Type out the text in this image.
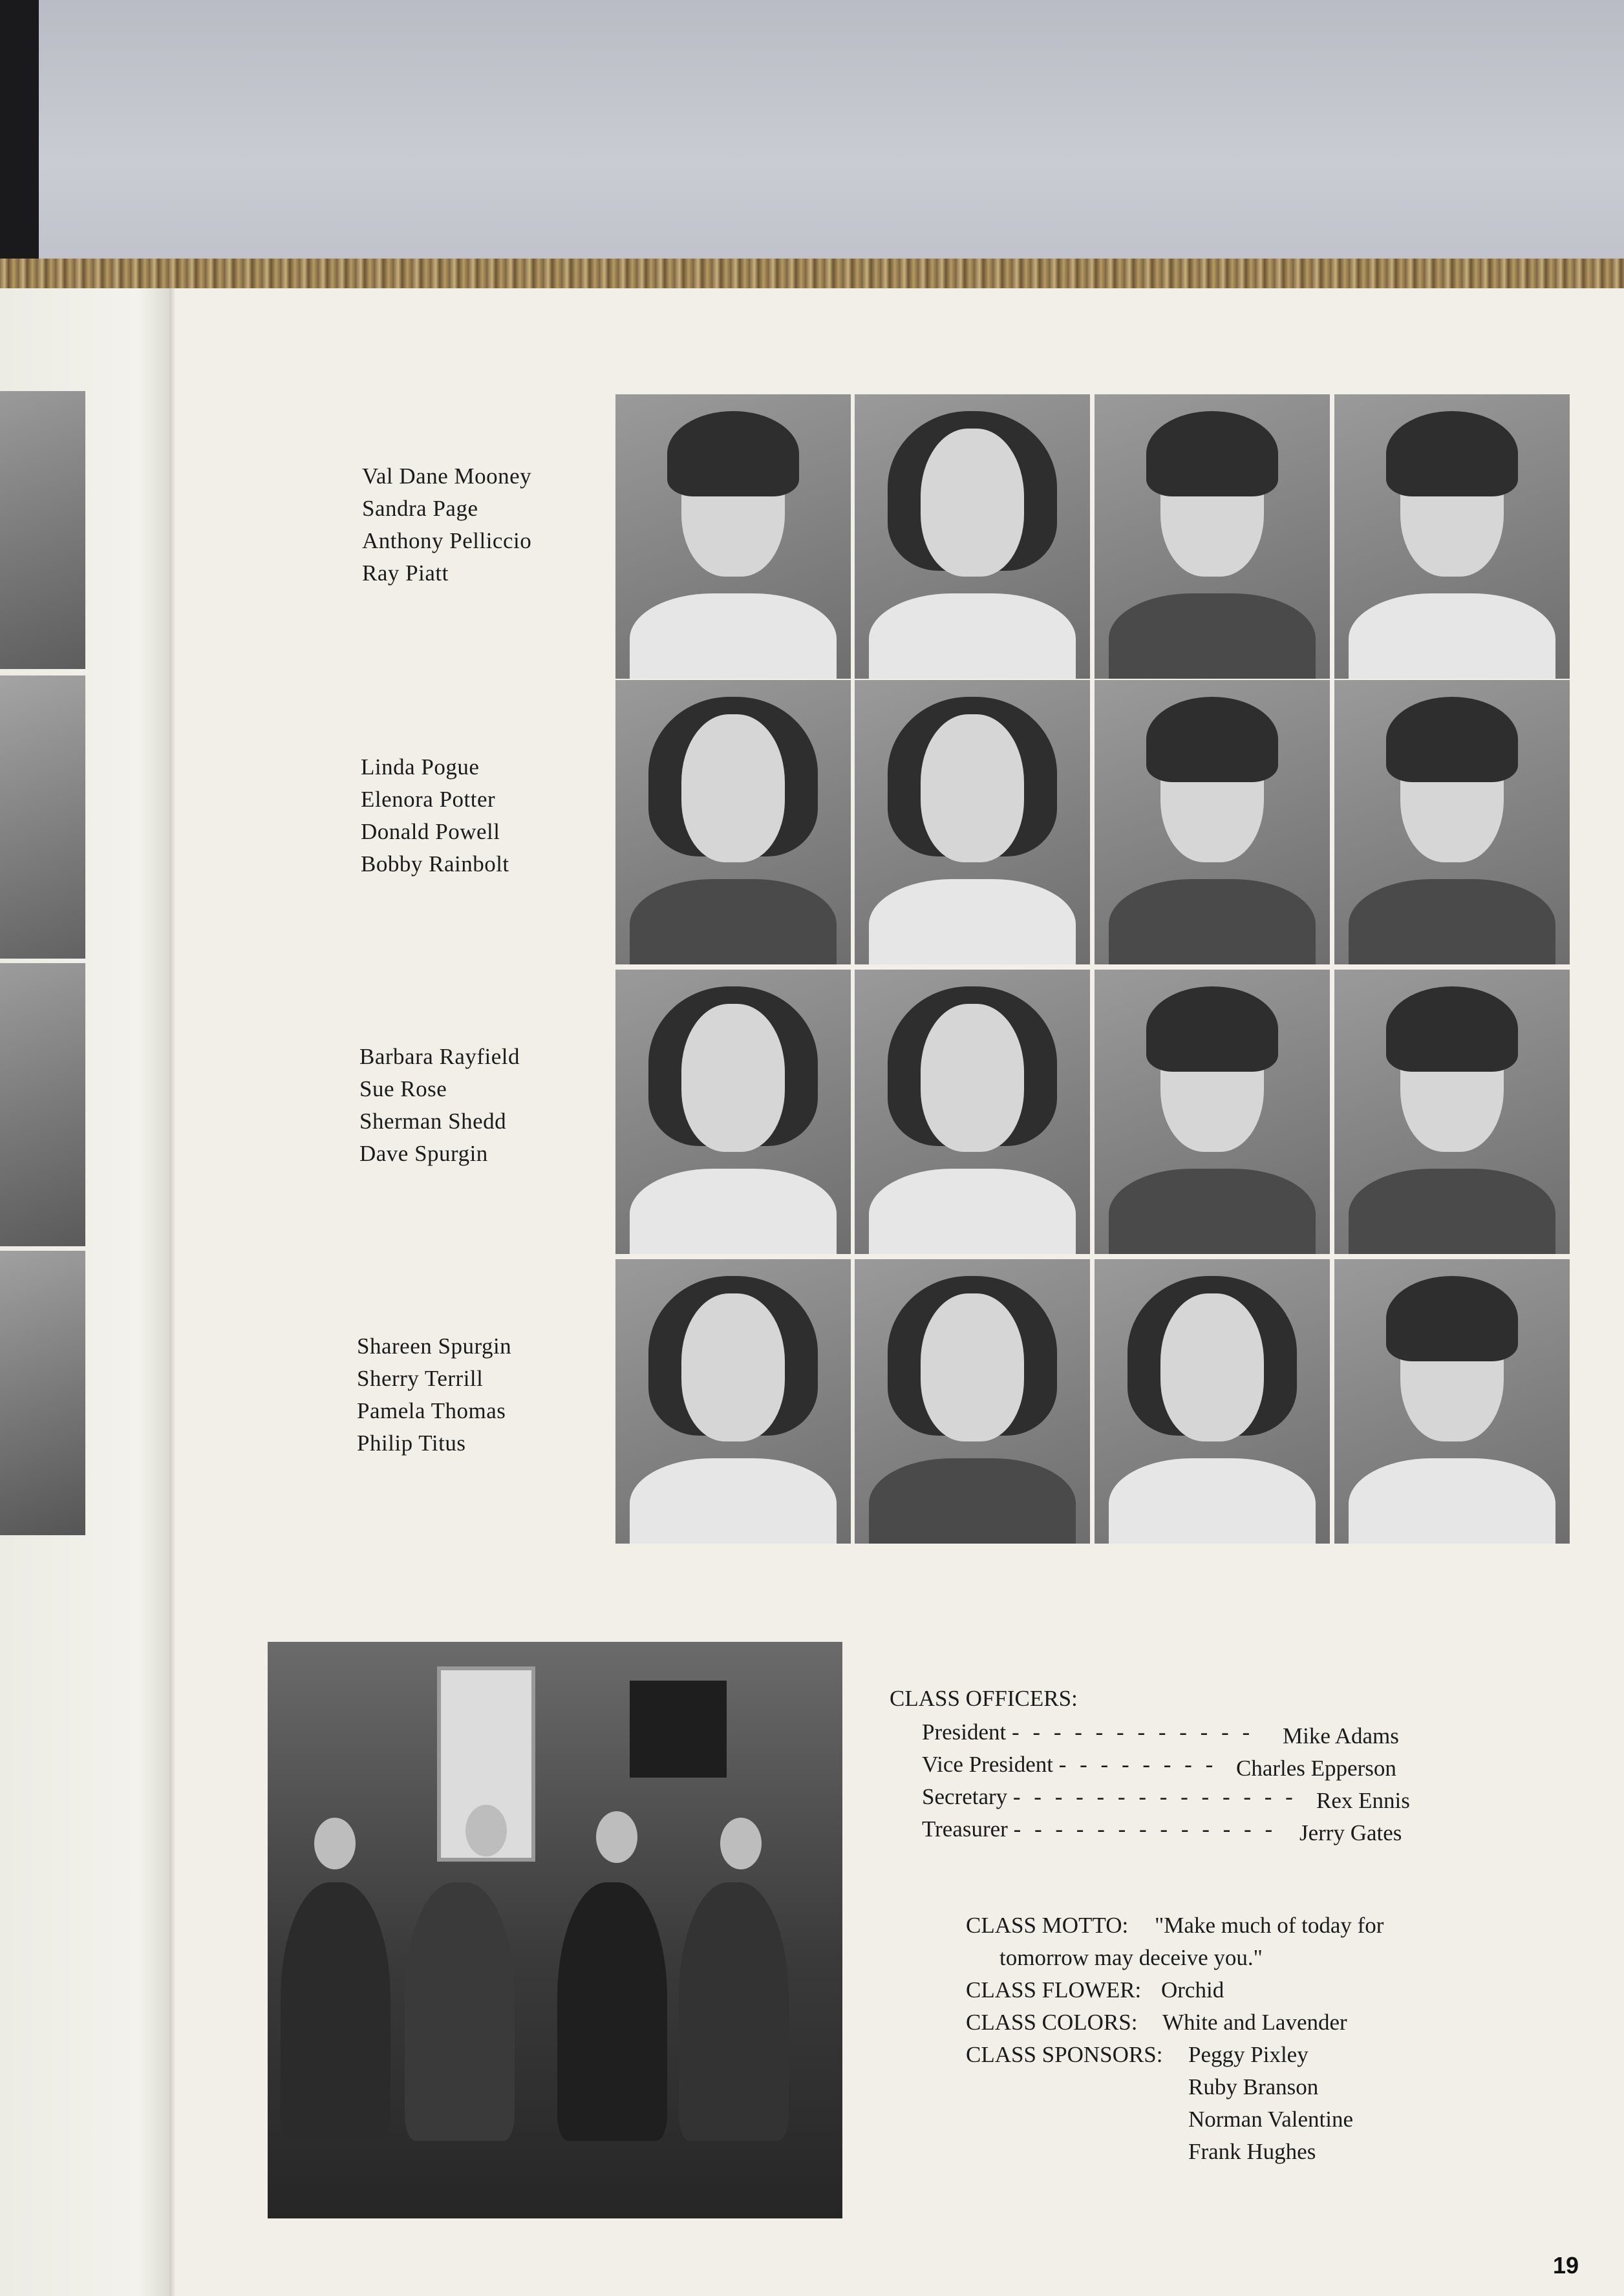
Val Dane Mooney
Sandra Page
Anthony Pelliccio
Ray Piatt
Linda Pogue
Elenora Potter
Donald Powell
Bobby Rainbolt
Barbara Rayfield
Sue Rose
Sherman Shedd
Dave Spurgin
Shareen Spurgin
Sherry Terrill
Pamela Thomas
Philip Titus
CLASS OFFICERS:
President - - - - - - - - - - - - Mike Adams
Vice President - - - - - - - - Charles Epperson
Secretary - - - - - - - - - - - - - - Rex Ennis
Treasurer - - - - - - - - - - - - - Jerry Gates
CLASS MOTTO: "Make much of today for
tomorrow may deceive you."
CLASS FLOWER: Orchid
CLASS COLORS: White and Lavender
CLASS SPONSORS: Peggy Pixley
Ruby Branson
Norman Valentine
Frank Hughes
19
